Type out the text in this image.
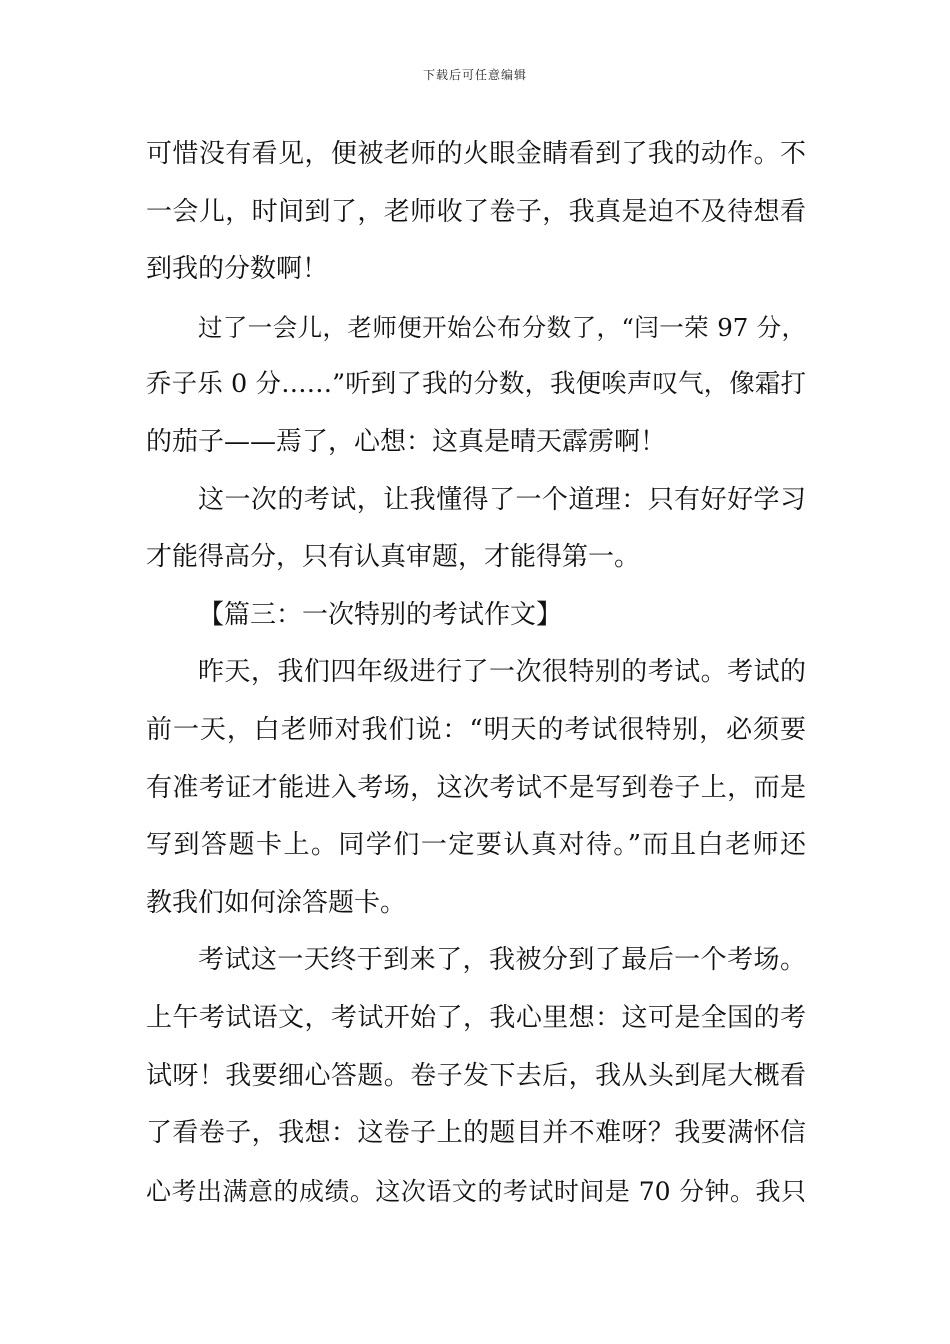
下载后可任意编辑
可惜没有看见，便被老师的火眼金睛看到了我的动作。不
一会儿，时间到了，老师收了卷子，我真是迫不及待想看
到我的分数啊！
过了一会儿，老师便开始公布分数了，“闫一荣 97 分，
乔子乐 0 分……”听到了我的分数，我便唉声叹气，像霜打
的茄子——焉了，心想：这真是晴天霹雳啊！
这一次的考试，让我懂得了一个道理：只有好好学习
才能得高分，只有认真审题，才能得第一。
【篇三：一次特别的考试作文】
昨天，我们四年级进行了一次很特别的考试。考试的
前一天，白老师对我们说：“明天的考试很特别，必须要
有准考证才能进入考场，这次考试不是写到卷子上，而是
写到答题卡上。同学们一定要认真对待。”而且白老师还
教我们如何涂答题卡。
考试这一天终于到来了，我被分到了最后一个考场。
上午考试语文，考试开始了，我心里想：这可是全国的考
试呀！我要细心答题。卷子发下去后，我从头到尾大概看
了看卷子，我想：这卷子上的题目并不难呀？我要满怀信
心考出满意的成绩。这次语文的考试时间是 70 分钟。我只
